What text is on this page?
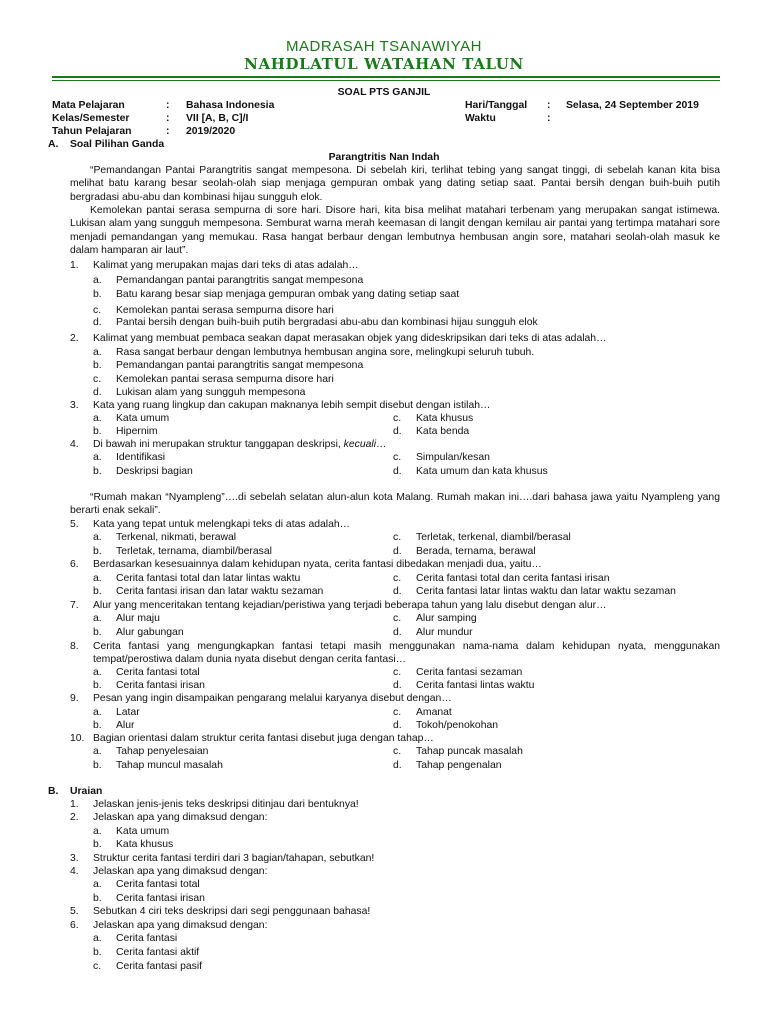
MADRASAH TSANAWIYAH
NAHDLATUL WATAHAN TALUN
SOAL PTS GANJIL
Mata Pelajaran	: Bahasa Indonesia
Kelas/Semester	: VII [A, B, C]/I
Tahun Pelajaran	: 2019/2020
Hari/Tanggal : Selasa, 24 September 2019
Waktu	:
A. Soal Pilihan Ganda
Parangtritis Nan Indah
“Pemandangan Pantai Parangtritis sangat mempesona. Di sebelah kiri, terlihat tebing yang sangat tinggi, di sebelah kanan kita bisa melihat batu karang besar seolah-olah siap menjaga gempuran ombak yang dating setiap saat. Pantai bersih dengan buih-buih putih bergradasi abu-abu dan kombinasi hijau sungguh elok.
Kemolekan pantai serasa sempurna di sore hari. Disore hari, kita bisa melihat matahari terbenam yang merupakan sangat istimewa. Lukisan alam yang sungguh mempesona. Semburat warna merah keemasan di langit dengan kemilau air pantai yang tertimpa matahari sore menjadi pemandangan yang memukau. Rasa hangat berbaur dengan lembutnya hembusan angin sore, matahari seolah-olah masuk ke dalam hamparan air laut”.
1. Kalimat yang merupakan majas dari teks di atas adalah…
a. Pemandangan pantai parangtritis sangat mempesona
b. Batu karang besar siap menjaga gempuran ombak yang dating setiap saat
c. Kemolekan pantai serasa sempurna disore hari
d. Pantai bersih dengan buih-buih putih bergradasi abu-abu dan kombinasi hijau sungguh elok
2. Kalimat yang membuat pembaca seakan dapat merasakan objek yang dideskripsikan dari teks di atas adalah…
a. Rasa sangat berbaur dengan lembutnya hembusan angina sore, melingkupi seluruh tubuh.
b. Pemandangan pantai parangtritis sangat mempesona
c. Kemolekan pantai serasa sempurna disore hari
d. Lukisan alam yang sungguh mempesona
3. Kata yang ruang lingkup dan cakupan maknanya lebih sempit disebut dengan istilah…
a. Kata umum	c. Kata khusus
b. Hipernim	d. Kata benda
4. Di bawah ini merupakan struktur tanggapan deskripsi, kecuali…
a. Identifikasi	c. Simpulan/kesan
b. Deskripsi bagian	d. Kata umum dan kata khusus
“Rumah makan “Nyampleng”….di sebelah selatan alun-alun kota Malang. Rumah makan ini….dari bahasa jawa yaitu Nyampleng yang berarti enak sekali”.
5. Kata yang tepat untuk melengkapi teks di atas adalah…
a. Terkenal, nikmati, berawal	c. Terletak, terkenal, diambil/berasal
b. Terletak, ternama, diambil/berasal	d. Berada, ternama, berawal
6. Berdasarkan kesesuainnya dalam kehidupan nyata, cerita fantasi dibedakan menjadi dua, yaitu…
a. Cerita fantasi total dan latar lintas waktu	c. Cerita fantasi total dan cerita fantasi irisan
b. Cerita fantasi irisan dan latar waktu sezaman	d. Cerita fantasi latar lintas waktu dan latar waktu sezaman
7. Alur yang menceritakan tentang kejadian/peristiwa yang terjadi beberapa tahun yang lalu disebut dengan alur…
a. Alur maju	c. Alur samping
b. Alur gabungan	d. Alur mundur
8. Cerita fantasi yang mengungkapkan fantasi tetapi masih menggunakan nama-nama dalam kehidupan nyata, menggunakan tempat/perostiwa dalam dunia nyata disebut dengan cerita fantasi…
a. Cerita fantasi total	c. Cerita fantasi sezaman
b. Cerita fantasi irisan	d. Cerita fantasi lintas waktu
9. Pesan yang ingin disampaikan pengarang melalui karyanya disebut dengan…
a. Latar	c. Amanat
b. Alur	d. Tokoh/penokohan
10. Bagian orientasi dalam struktur cerita fantasi disebut juga dengan tahap…
a. Tahap penyelesaian	c. Tahap puncak masalah
b. Tahap muncul masalah	d. Tahap pengenalan
B. Uraian
1. Jelaskan jenis-jenis teks deskripsi ditinjau dari bentuknya!
2. Jelaskan apa yang dimaksud dengan:
a. Kata umum
b. Kata khusus
3. Struktur cerita fantasi terdiri dari 3 bagian/tahapan, sebutkan!
4. Jelaskan apa yang dimaksud dengan:
a. Cerita fantasi total
b. Cerita fantasi irisan
5. Sebutkan 4 ciri teks deskripsi dari segi penggunaan bahasa!
6. Jelaskan apa yang dimaksud dengan:
a. Cerita fantasi
b. Cerita fantasi aktif
c. Cerita fantasi pasif
